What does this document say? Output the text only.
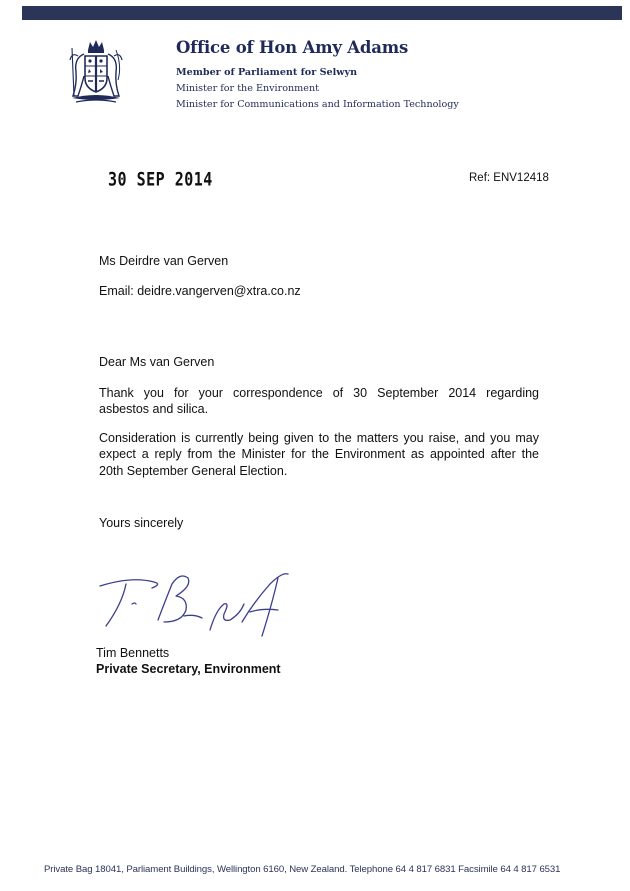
Office of Hon Amy Adams
Member of Parliament for Selwyn
Minister for the Environment
Minister for Communications and Information Technology
30 SEP 2014	Ref: ENV12418
Ms Deirdre van Gerven
Email: deidre.vangerven@xtra.co.nz
Dear Ms van Gerven
Thank you for your correspondence of 30 September 2014 regarding
asbestos and silica.
Consideration is currently being given to the matters you raise, and you may
expect a reply from the Minister for the Environment as appointed after the
20th September General Election.
Yours sincerely
Tim Bennetts
Private Secretary, Environment
Private Bag 18041, Parliament Buildings, Wellington 6160, New Zealand. Telephone 64 4 817 6831 Facsimile 64 4 817 6531
